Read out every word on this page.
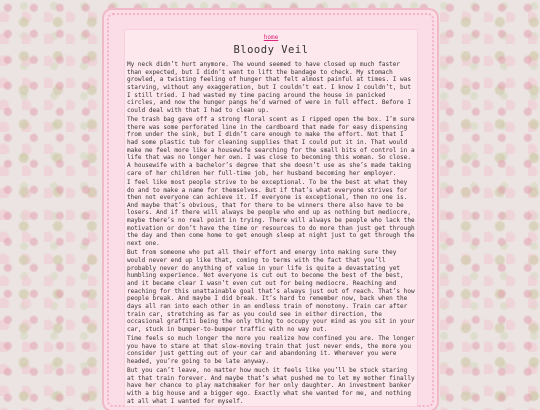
home
Bloody Veil

My neck didn’t hurt anymore. The wound seemed to have closed up much faster than expected, but I didn’t want to lift the bandage to check. My stomach growled, a twisting feeling of hunger that felt almost painful at times. I was starving, without any exaggeration, but I couldn’t eat. I know I couldn’t, but I still tried. I had wasted my time pacing around the house in panicked circles, and now the hunger pangs he’d warned of were in full effect. Before I could deal with that I had to clean up.

The trash bag gave off a strong floral scent as I ripped open the box. I’m sure there was some perforated line in the cardboard that made for easy dispensing from under the sink, but I didn’t care enough to make the effort. Not that I had some plastic tub for cleaning supplies that I could put it in. That would make me feel more like a housewife searching for the small bits of control in a life that was no longer her own. I was close to becoming this woman. So close. A housewife with a bachelor’s degree that she doesn’t use as she’s made taking care of her children her full-time job, her husband becoming her employer.

I feel like most people strive to be exceptional. To be the best at what they do and to make a name for themselves. But if that’s what everyone strives for then not everyone can achieve it. If everyone is exceptional, then no one is. And maybe that’s obvious, that for there to be winners there also have to be losers. And if there will always be people who end up as nothing but mediocre, maybe there’s no real point in trying. There will always be people who lack the motivation or don’t have the time or resources to do more than just get through the day and then come home to get enough sleep at night just to get through the next one.

But from someone who put all their effort and energy into making sure they would never end up like that, coming to terms with the fact that you’ll probably never do anything of value in your life is quite a devastating yet humbling experience. Not everyone is cut out to become the best of the best, and it became clear I wasn’t even cut out for being mediocre. Reaching and reaching for this unattainable goal that’s always just out of reach. That’s how people break. And maybe I did break. It’s hard to remember now, back when the days all ran into each other in an endless train of monotony. Train car after train car, stretching as far as you could see in either direction, the occasional graffiti being the only thing to occupy your mind as you sit in your car, stuck in bumper-to-bumper traffic with no way out.

Time feels so much longer the more you realize how confined you are. The longer you have to stare at that slow-moving train that just never ends, the more you consider just getting out of your car and abandoning it. Wherever you were headed, you’re going to be late anyway.

But you can’t leave, no matter how much it feels like you’ll be stuck staring at that train forever. And maybe that’s what pushed me to let my mother finally have her chance to play matchmaker for her only daughter. An investment banker with a big house and a bigger ego. Exactly what she wanted for me, and nothing at all what I wanted for myself.
